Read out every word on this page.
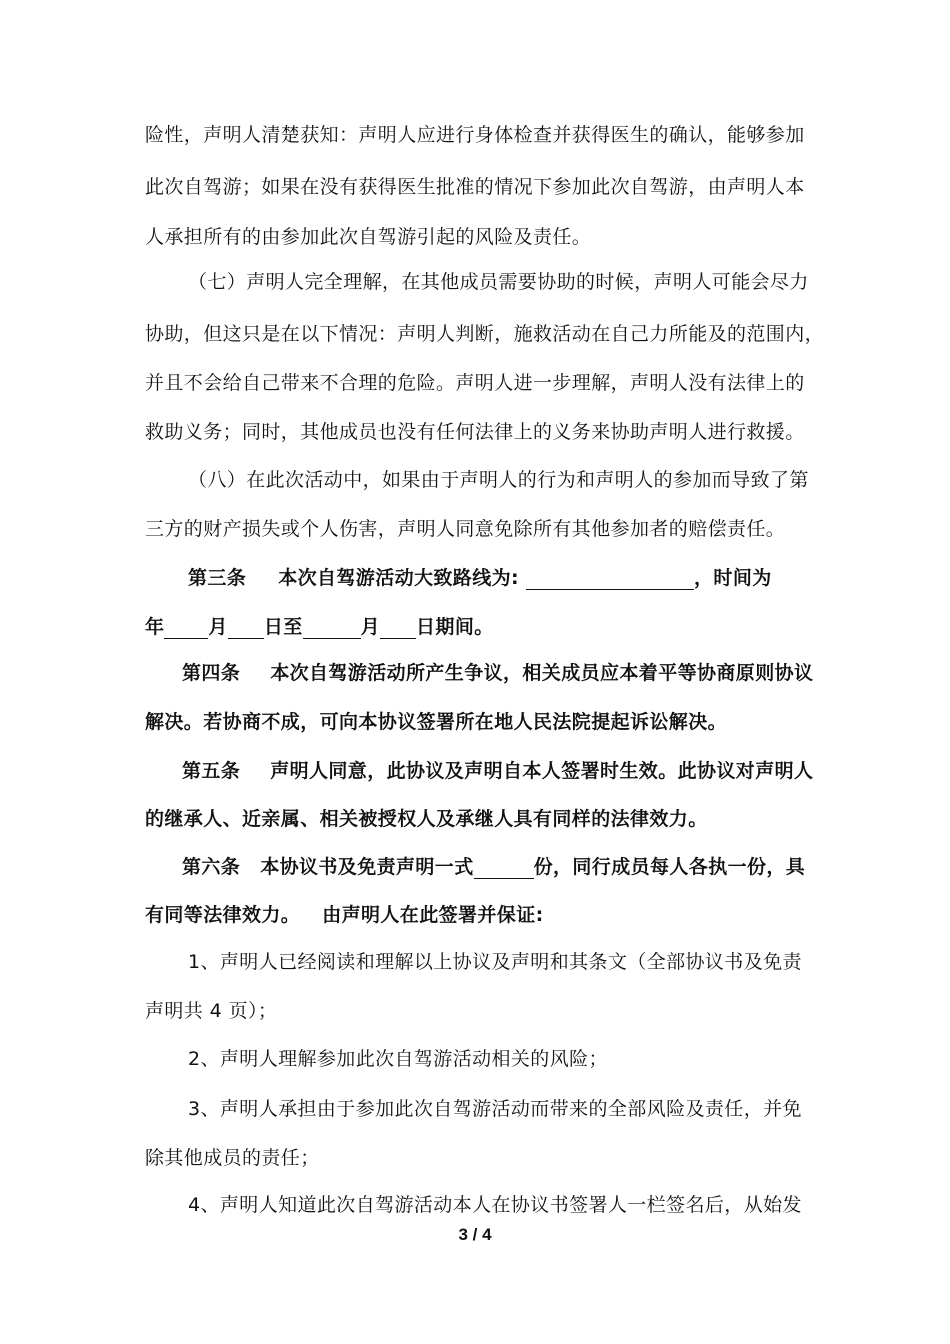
险性，声明人清楚获知：声明人应进行身体检查并获得医生的确认，能够参加
此次自驾游；如果在没有获得医生批准的情况下参加此次自驾游，由声明人本
人承担所有的由参加此次自驾游引起的风险及责任。
（七）声明人完全理解，在其他成员需要协助的时候，声明人可能会尽力
协助，但这只是在以下情况：声明人判断，施救活动在自己力所能及的范围内，
并且不会给自己带来不合理的危险。声明人进一步理解，声明人没有法律上的
救助义务；同时，其他成员也没有任何法律上的义务来协助声明人进行救援。
（八）在此次活动中，如果由于声明人的行为和声明人的参加而导致了第
三方的财产损失或个人伤害，声明人同意免除所有其他参加者的赔偿责任。
第三条 本次自驾游活动大致路线为:	，时间为
年 月 日至	月 日期间。
第四条 本次自驾游活动所产生争议，相关成员应本着平等协商原则协议
解决。若协商不成，可向本协议签署所在地人民法院提起诉讼解决。
第五条 声明人同意，此协议及声明自本人签署时生效。此协议对声明人
的继承人、近亲属、相关被授权人及承继人具有同样的法律效力。
第六条 本协议书及免责声明一式	份，同行成员每人各执一份，具
有同等法律效力。 由声明人在此签署并保证:
1、声明人已经阅读和理解以上协议及声明和其条文（全部协议书及免责
声明共 4 页）；
2、声明人理解参加此次自驾游活动相关的风险；
3、声明人承担由于参加此次自驾游活动而带来的全部风险及责任，并免
除其他成员的责任；
4、声明人知道此次自驾游活动本人在协议书签署人一栏签名后，从始发
3 / 4
